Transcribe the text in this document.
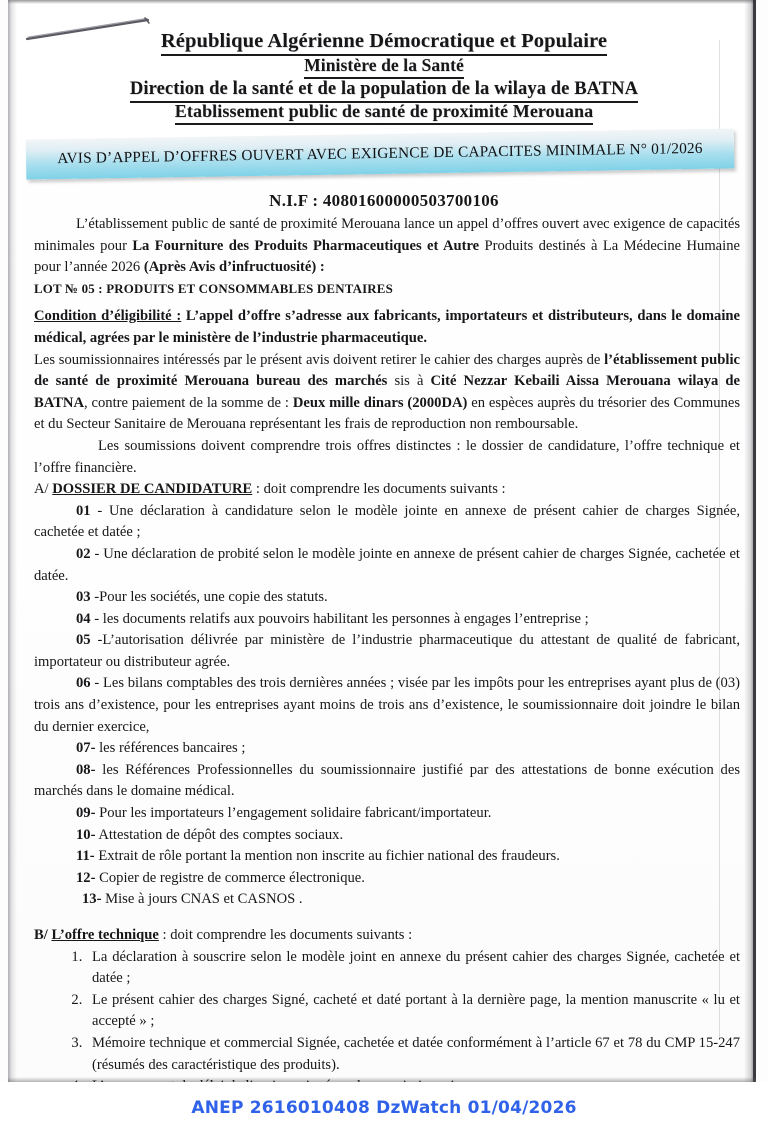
République Algérienne Démocratique et Populaire
Ministère de la Santé
Direction de la santé et de la population de la wilaya de BATNA
Etablissement public de santé de proximité Merouana
AVIS D’APPEL D’OFFRES OUVERT AVEC EXIGENCE DE CAPACITES MINIMALE N° 01/2026
N.I.F : 40801600000503700106

L’établissement public de santé de proximité Merouana lance un appel d’offres ouvert avec exigence de capacités minimales pour La Fourniture des Produits Pharmaceutiques et Autre Produits destinés à La Médecine Humaine pour l’année 2026 (Après Avis d’infructuosité) :

LOT № 05 : PRODUITS ET CONSOMMABLES DENTAIRES

Condition d’éligibilité : L’appel d’offre s’adresse aux fabricants, importateurs et distributeurs, dans le domaine médical, agrées par le ministère de l’industrie pharmaceutique.

Les soumissionnaires intéressés par le présent avis doivent retirer le cahier des charges auprès de l’établissement public de santé de proximité Merouana bureau des marchés sis à Cité Nezzar Kebaili Aissa Merouana wilaya de BATNA, contre paiement de la somme de : Deux mille dinars (2000DA) en espèces auprès du trésorier des Communes et du Secteur Sanitaire de Merouana représentant les frais de reproduction non remboursable.

Les soumissions doivent comprendre trois offres distinctes : le dossier de candidature, l’offre technique et l’offre financière.

A/ DOSSIER DE CANDIDATURE : doit comprendre les documents suivants :

01 - Une déclaration à candidature selon le modèle jointe en annexe de présent cahier de charges Signée, cachetée et datée ;

02 - Une déclaration de probité selon le modèle jointe en annexe de présent cahier de charges Signée, cachetée et datée.

03 -Pour les sociétés, une copie des statuts.

04 - les documents relatifs aux pouvoirs habilitant les personnes à engages l’entreprise ;

05 -L’autorisation délivrée par ministère de l’industrie pharmaceutique du attestant de qualité de fabricant, importateur ou distributeur agrée.

06 - Les bilans comptables des trois dernières années ; visée par les impôts pour les entreprises ayant plus de (03) trois ans d’existence, pour les entreprises ayant moins de trois ans d’existence, le soumissionnaire doit joindre le bilan du dernier exercice,

07- les références bancaires ;

08- les Références Professionnelles du soumissionnaire justifié par des attestations de bonne exécution des marchés dans le domaine médical.

09- Pour les importateurs l’engagement solidaire fabricant/importateur.

10- Attestation de dépôt des comptes sociaux.

11- Extrait de rôle portant la mention non inscrite au fichier national des fraudeurs.

12- Copier de registre de commerce électronique.

13- Mise à jours CNAS et CASNOS .

B/ L’offre technique : doit comprendre les documents suivants :

1. La déclaration à souscrire selon le modèle joint en annexe du présent cahier des charges Signée, cachetée et datée ;
2. Le présent cahier des charges Signé, cacheté et daté portant à la dernière page, la mention manuscrite « lu et accepté » ;
3. Mémoire technique et commercial Signée, cachetée et datée conformément à l’article 67 et 78 du CMP 15-247 (résumés des caractéristique des produits).
4.
ANEP 2616010408 DzWatch 01/04/2026
